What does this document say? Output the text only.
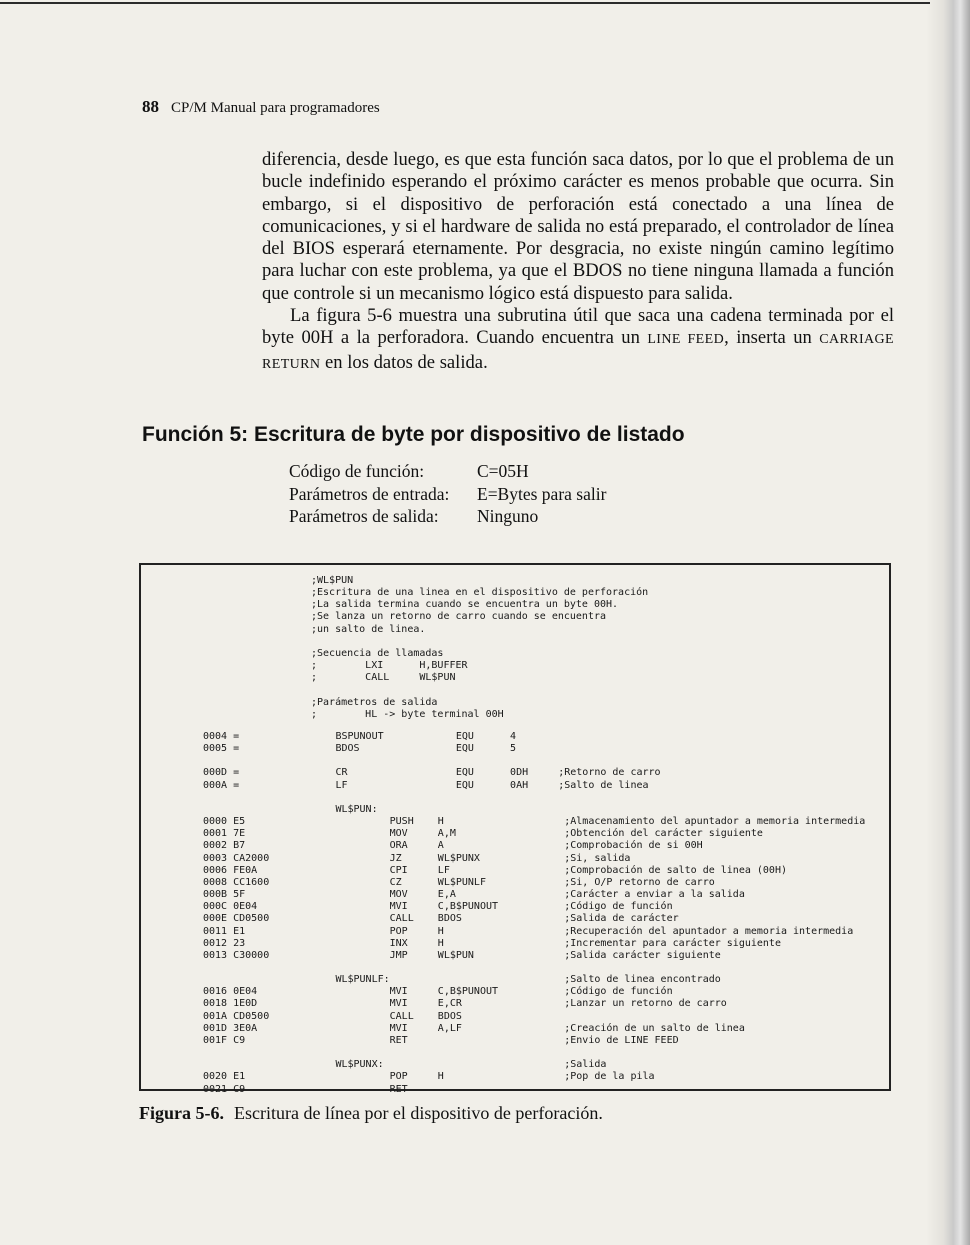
88 CP/M Manual para programadores

diferencia, desde luego, es que esta función saca datos, por lo que el problema de un bucle indefinido esperando el próximo carácter es menos probable que ocurra. Sin embargo, si el dispositivo de perforación está conectado a una línea de comunicaciones, y si el hardware de salida no está preparado, el controlador de línea del BIOS esperará eternamente. Por desgracia, no existe ningún camino legítimo para luchar con este problema, ya que el BDOS no tiene ninguna llamada a función que controle si un mecanismo lógico está dispuesto para salida.

La figura 5-6 muestra una subrutina útil que saca una cadena terminada por el byte 00H a la perforadora. Cuando encuentra un LINE FEED, inserta un CARRIAGE RETURN en los datos de salida.

Función 5: Escritura de byte por dispositivo de listado
Código de función:	C=05H
Parámetros de entrada:	E=Bytes para salir
Parámetros de salida:	Ninguno
;WL$PUN
;Escritura de una linea en el dispositivo de perforación
;La salida termina cuando se encuentra un byte 00H.
;Se lanza un retorno de carro cuando se encuentra
;un salto de linea.

;Secuencia de llamadas
;        LXI      H,BUFFER
;        CALL     WL$PUN

;Parámetros de salida
;        HL -> byte terminal 00H
0004 =                BSPUNOUT            EQU      4
0005 =                BDOS                EQU      5

000D =                CR                  EQU      0DH     ;Retorno de carro
000A =                LF                  EQU      0AH     ;Salto de linea

WL$PUN:
0000 E5                        PUSH    H                    ;Almacenamiento del apuntador a memoria intermedia
0001 7E                        MOV     A,M                  ;Obtención del carácter siguiente
0002 B7                        ORA     A                    ;Comprobación de si 00H
0003 CA2000                    JZ      WL$PUNX              ;Si, salida
0006 FE0A                      CPI     LF                   ;Comprobación de salto de linea (00H)
0008 CC1600                    CZ      WL$PUNLF             ;Si, O/P retorno de carro
000B 5F                        MOV     E,A                  ;Carácter a enviar a la salida
000C 0E04                      MVI     C,B$PUNOUT           ;Código de función
000E CD0500                    CALL    BDOS                 ;Salida de carácter
0011 E1                        POP     H                    ;Recuperación del apuntador a memoria intermedia
0012 23                        INX     H                    ;Incrementar para carácter siguiente
0013 C30000                    JMP     WL$PUN               ;Salida carácter siguiente

WL$PUNLF:                             ;Salto de linea encontrado
0016 0E04                      MVI     C,B$PUNOUT           ;Código de función
0018 1E0D                      MVI     E,CR                 ;Lanzar un retorno de carro
001A CD0500                    CALL    BDOS
001D 3E0A                      MVI     A,LF                 ;Creación de un salto de linea
001F C9                        RET                          ;Envio de LINE FEED

WL$PUNX:                              ;Salida
0020 E1                        POP     H                    ;Pop de la pila
0021 C9                        RET
Figura 5-6. Escritura de línea por el dispositivo de perforación.
